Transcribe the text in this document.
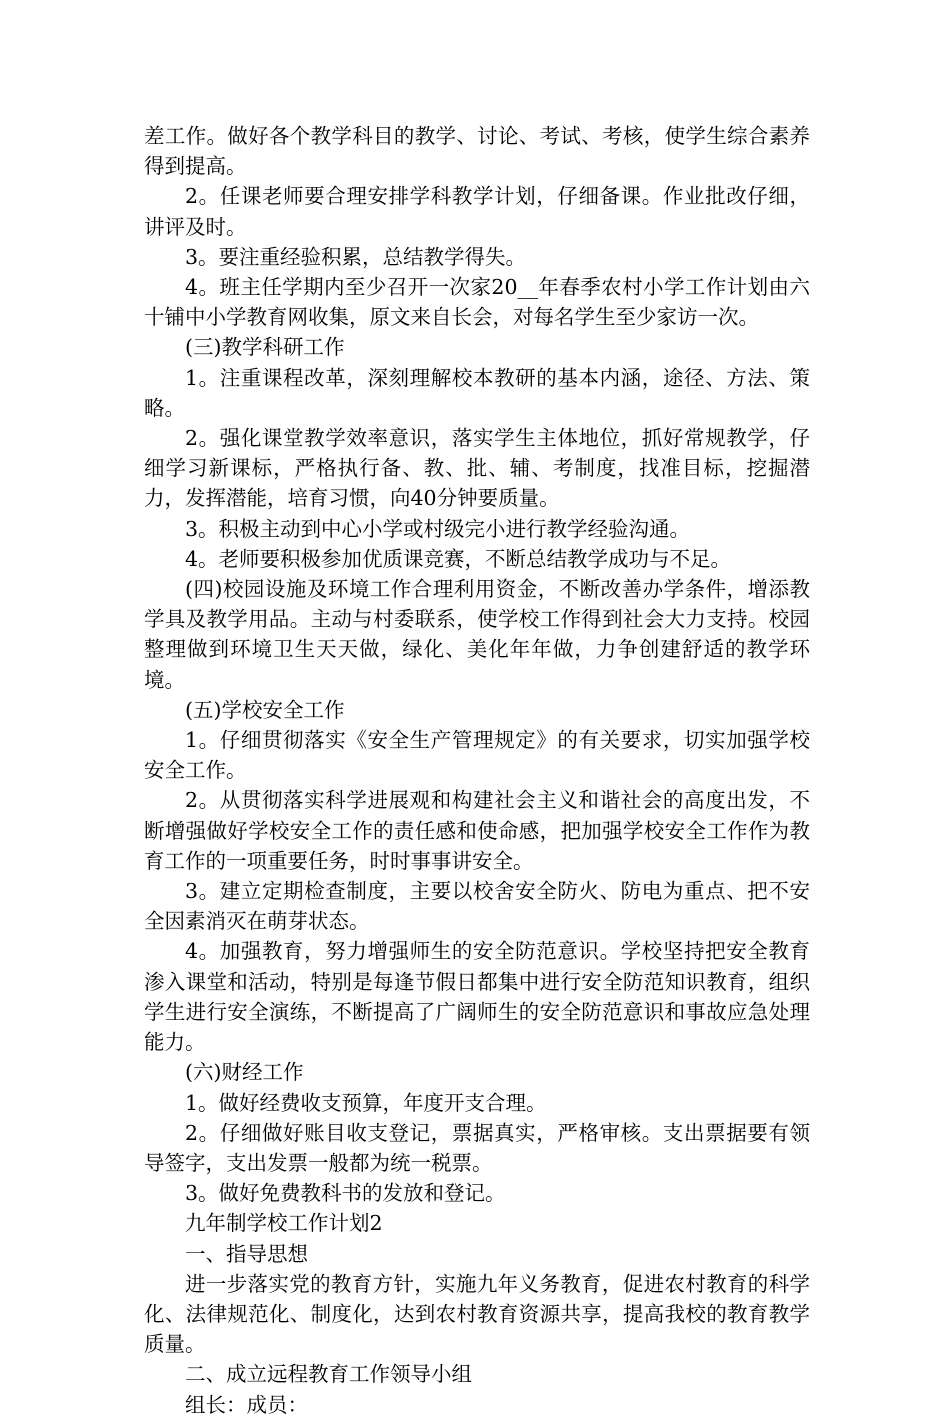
差工作。做好各个教学科目的教学、讨论、考试、考核，使学生综合素养得到提高。

2。任课老师要合理安排学科教学计划，仔细备课。作业批改仔细，讲评及时。

3。要注重经验积累，总结教学得失。

4。班主任学期内至少召开一次家20__年春季农村小学工作计划由六十铺中小学教育网收集，原文来自长会，对每名学生至少家访一次。

(三)教学科研工作

1。注重课程改革，深刻理解校本教研的基本内涵，途径、方法、策略。

2。强化课堂教学效率意识，落实学生主体地位，抓好常规教学，仔细学习新课标，严格执行备、教、批、辅、考制度，找准目标，挖掘潜力，发挥潜能，培育习惯，向40分钟要质量。

3。积极主动到中心小学或村级完小进行教学经验沟通。

4。老师要积极参加优质课竞赛，不断总结教学成功与不足。

(四)校园设施及环境工作合理利用资金，不断改善办学条件，增添教学具及教学用品。主动与村委联系，使学校工作得到社会大力支持。校园整理做到环境卫生天天做，绿化、美化年年做，力争创建舒适的教学环境。

(五)学校安全工作

1。仔细贯彻落实《安全生产管理规定》的有关要求，切实加强学校安全工作。

2。从贯彻落实科学进展观和构建社会主义和谐社会的高度出发，不断增强做好学校安全工作的责任感和使命感，把加强学校安全工作作为教育工作的一项重要任务，时时事事讲安全。

3。建立定期检查制度，主要以校舍安全防火、防电为重点、把不安全因素消灭在萌芽状态。

4。加强教育，努力增强师生的安全防范意识。学校坚持把安全教育渗入课堂和活动，特别是每逢节假日都集中进行安全防范知识教育，组织学生进行安全演练，不断提高了广阔师生的安全防范意识和事故应急处理能力。

(六)财经工作

1。做好经费收支预算，年度开支合理。

2。仔细做好账目收支登记，票据真实，严格审核。支出票据要有领导签字，支出发票一般都为统一税票。

3。做好免费教科书的发放和登记。

九年制学校工作计划2

一、指导思想

进一步落实党的教育方针，实施九年义务教育，促进农村教育的科学化、法律规范化、制度化，达到农村教育资源共享，提高我校的教育教学质量。

二、成立远程教育工作领导小组

组长：成员：
